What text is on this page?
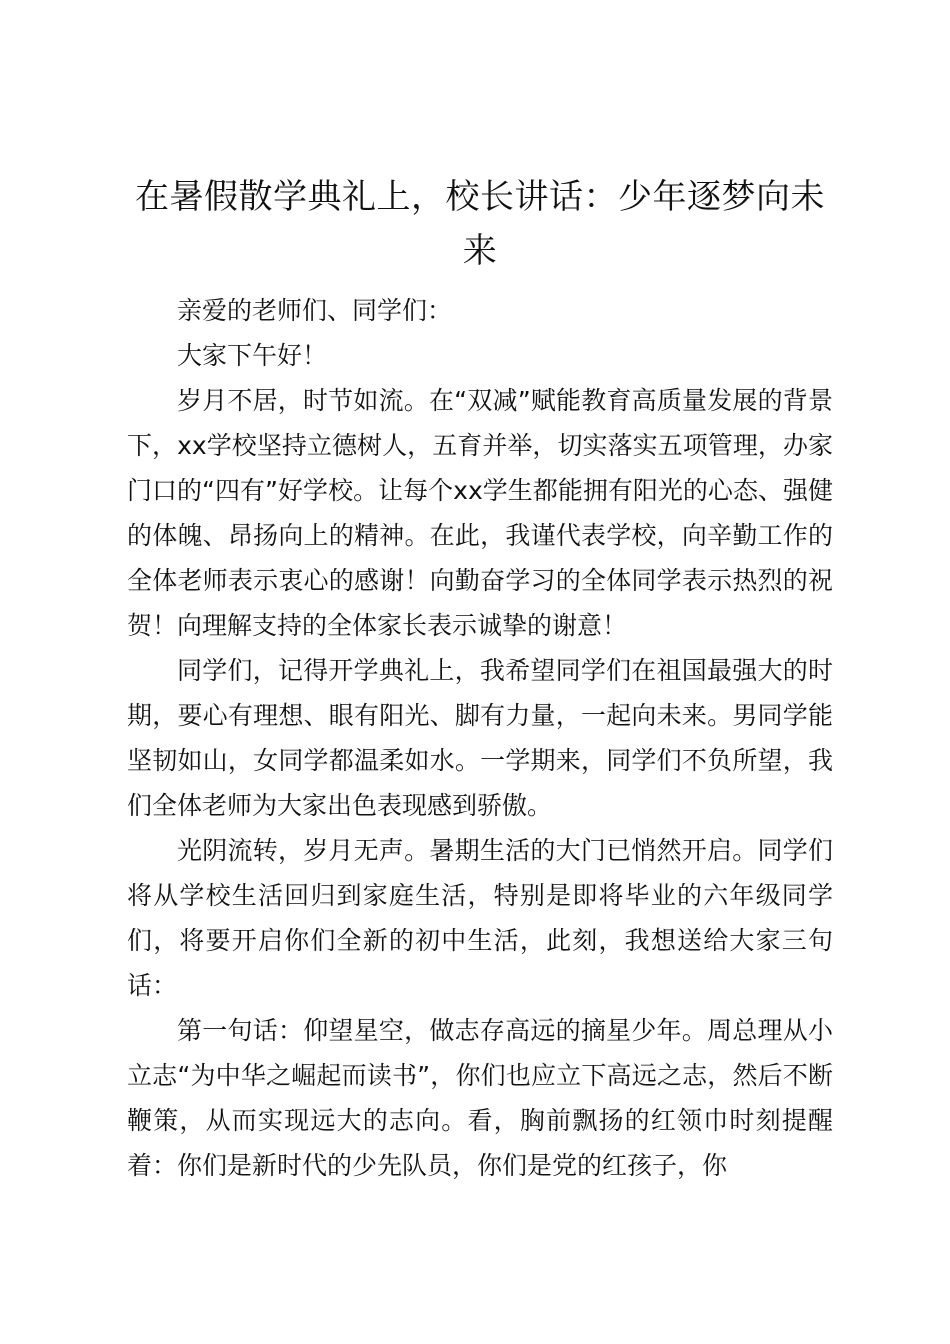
在暑假散学典礼上，校长讲话：少年逐梦向未来

亲爱的老师们、同学们：

大家下午好！

岁月不居，时节如流。在“双减”赋能教育高质量发展的背景下，xx学校坚持立德树人，五育并举，切实落实五项管理，办家门口的“四有”好学校。让每个xx学生都能拥有阳光的心态、强健的体魄、昂扬向上的精神。在此，我谨代表学校，向辛勤工作的全体老师表示衷心的感谢！向勤奋学习的全体同学表示热烈的祝贺！向理解支持的全体家长表示诚挚的谢意！

同学们，记得开学典礼上，我希望同学们在祖国最强大的时期，要心有理想、眼有阳光、脚有力量，一起向未来。男同学能坚韧如山，女同学都温柔如水。一学期来，同学们不负所望，我们全体老师为大家出色表现感到骄傲。

光阴流转，岁月无声。暑期生活的大门已悄然开启。同学们将从学校生活回归到家庭生活，特别是即将毕业的六年级同学们，将要开启你们全新的初中生活，此刻，我想送给大家三句话：

第一句话：仰望星空，做志存高远的摘星少年。周总理从小立志“为中华之崛起而读书”，你们也应立下高远之志，然后不断鞭策，从而实现远大的志向。看，胸前飘扬的红领巾时刻提醒着：你们是新时代的少先队员，你们是党的红孩子，你
